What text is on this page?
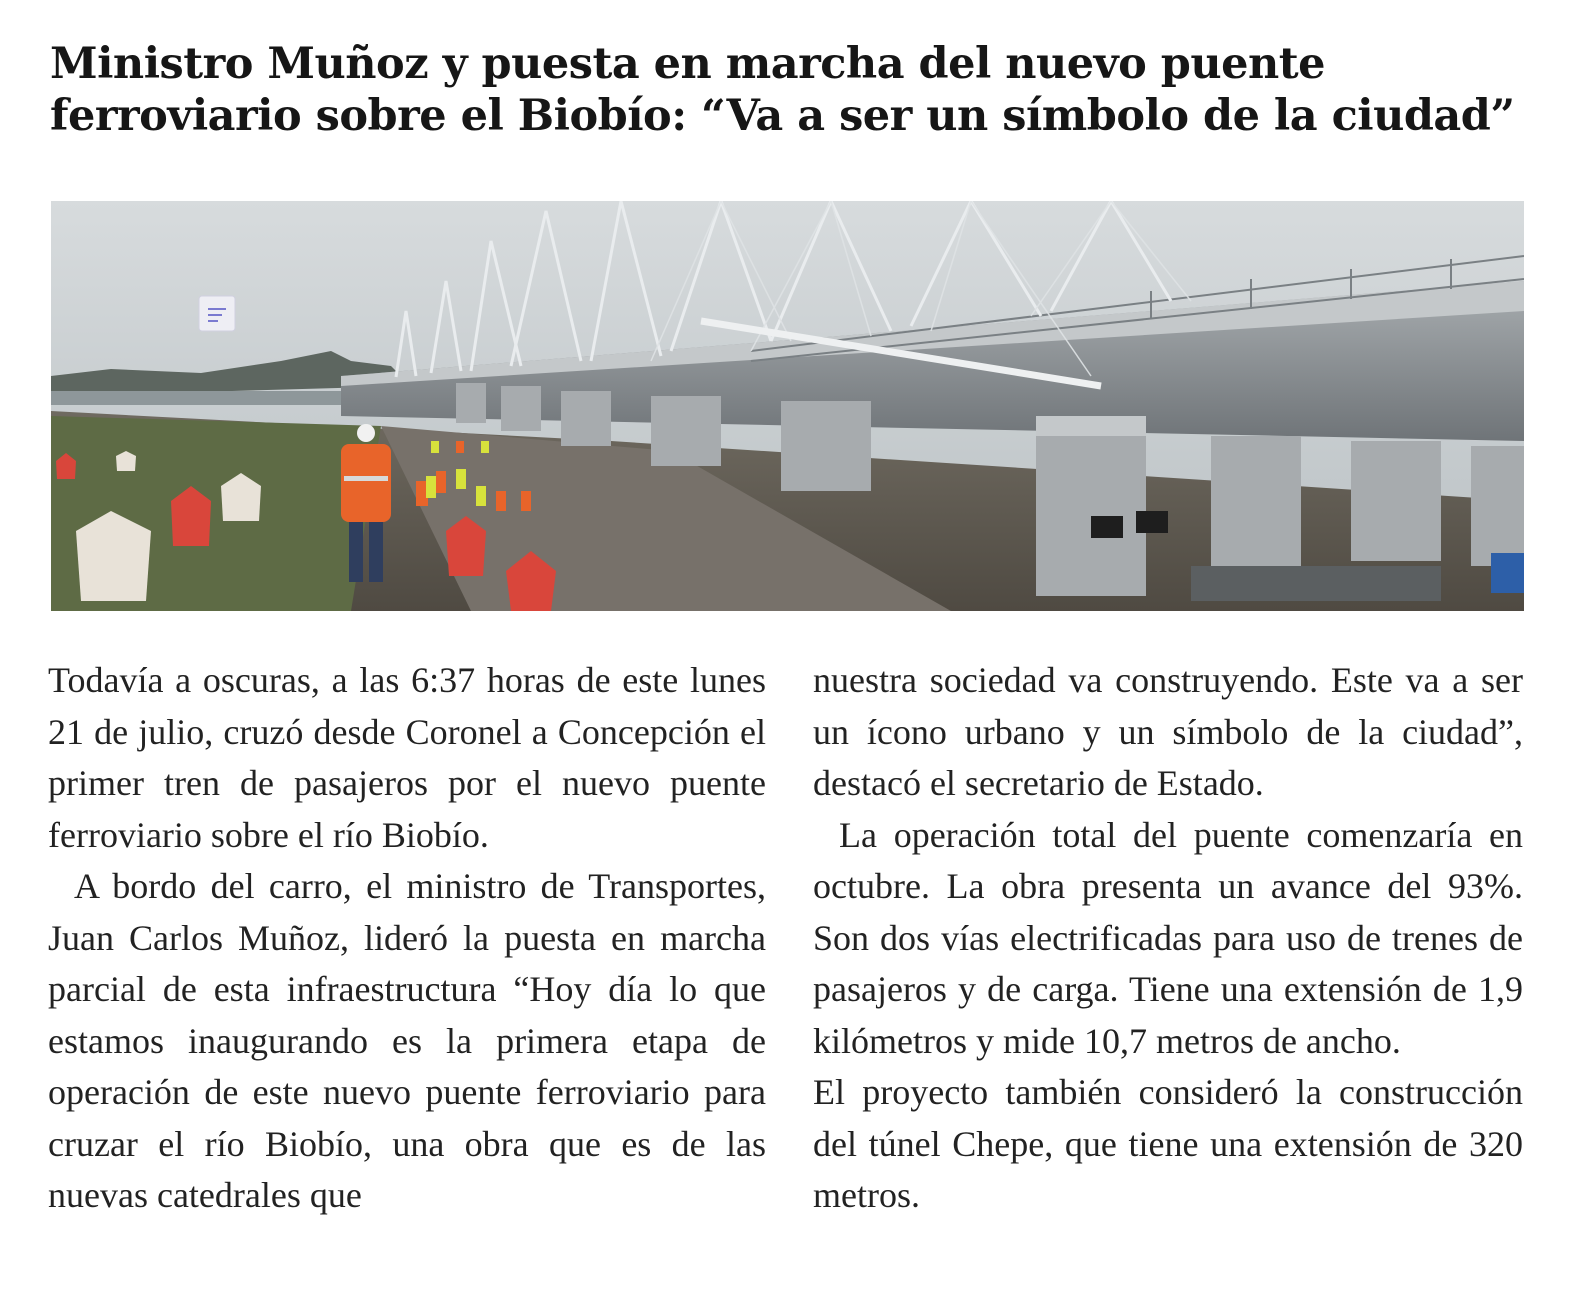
Ministro Muñoz y puesta en marcha del nuevo puente
ferroviario sobre el Biobío: “Va a ser un símbolo de la ciudad”

Todavía a oscuras, a las 6:37 horas de este lunes 21 de julio, cruzó desde Coronel a Concepción el primer tren de pasajeros por el nuevo puente ferroviario sobre el río Biobío.

A bordo del carro, el ministro de Transportes, Juan Carlos Muñoz, lideró la puesta en marcha parcial de esta infraestructura “Hoy día lo que estamos inaugurando es la primera etapa de operación de este nuevo puente ferroviario para cruzar el río Biobío, una obra que es de las nuevas catedrales que

nuestra sociedad va construyendo. Este va a ser un ícono urbano y un símbolo de la ciudad”, destacó el secretario de Estado.

La operación total del puente comenzaría en octubre. La obra presenta un avance del 93%. Son dos vías electrificadas para uso de trenes de pasajeros y de carga. Tiene una extensión de 1,9 kilómetros y mide 10,7 metros de ancho.

El proyecto también consideró la construcción del túnel Chepe, que tiene una extensión de 320 metros.
